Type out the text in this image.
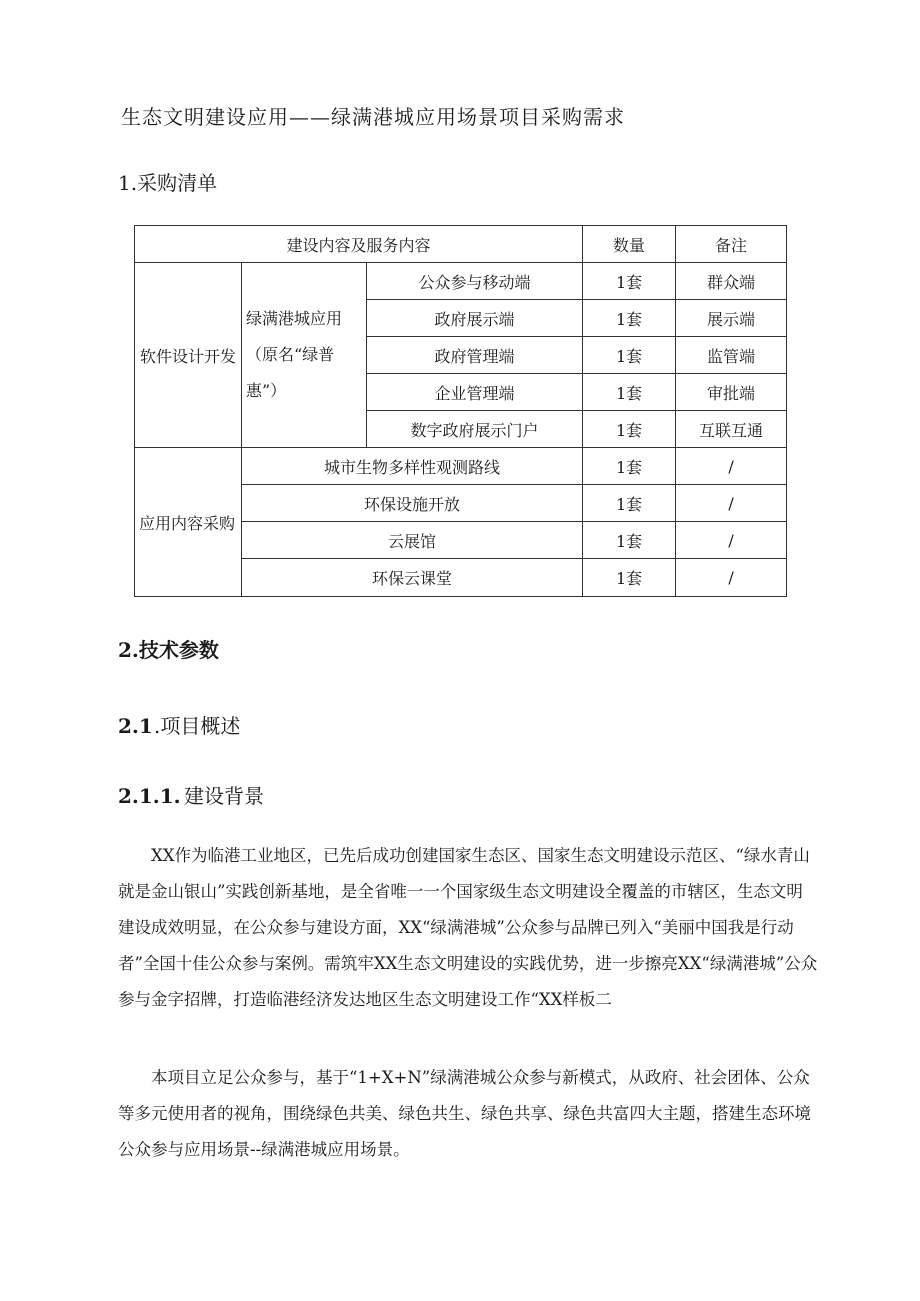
生态文明建设应用——绿满港城应用场景项目采购需求
1.采购清单
建设内容及服务内容			数量	备注
软件设计开发	绿满港城应用（原名“绿普惠”）	公众参与移动端	1套	群众端
		政府展示端	1套	展示端
		政府管理端	1套	监管端
		企业管理端	1套	审批端
		数字政府展示门户	1套	互联互通
应用内容采购	城市生物多样性观测路线		1套	/
	环保设施开放		1套	/
	云展馆		1套	/
	环保云课堂		1套	/
2.技术参数
2.1.项目概述
2.1.1. 建设背景

XX作为临港工业地区，已先后成功创建国家生态区、国家生态文明建设示范区、“绿水青山就是金山银山”实践创新基地，是全省唯一一个国家级生态文明建设全覆盖的市辖区，生态文明建设成效明显，在公众参与建设方面，XX“绿满港城”公众参与品牌已列入“美丽中国我是行动者”全国十佳公众参与案例。需筑牢XX生态文明建设的实践优势，进一步擦亮XX“绿满港城”公众参与金字招牌，打造临港经济发达地区生态文明建设工作“XX样板二

本项目立足公众参与，基于“1+X+N”绿满港城公众参与新模式，从政府、社会团体、公众等多元使用者的视角，围绕绿色共美、绿色共生、绿色共享、绿色共富四大主题，搭建生态环境公众参与应用场景--绿满港城应用场景。
